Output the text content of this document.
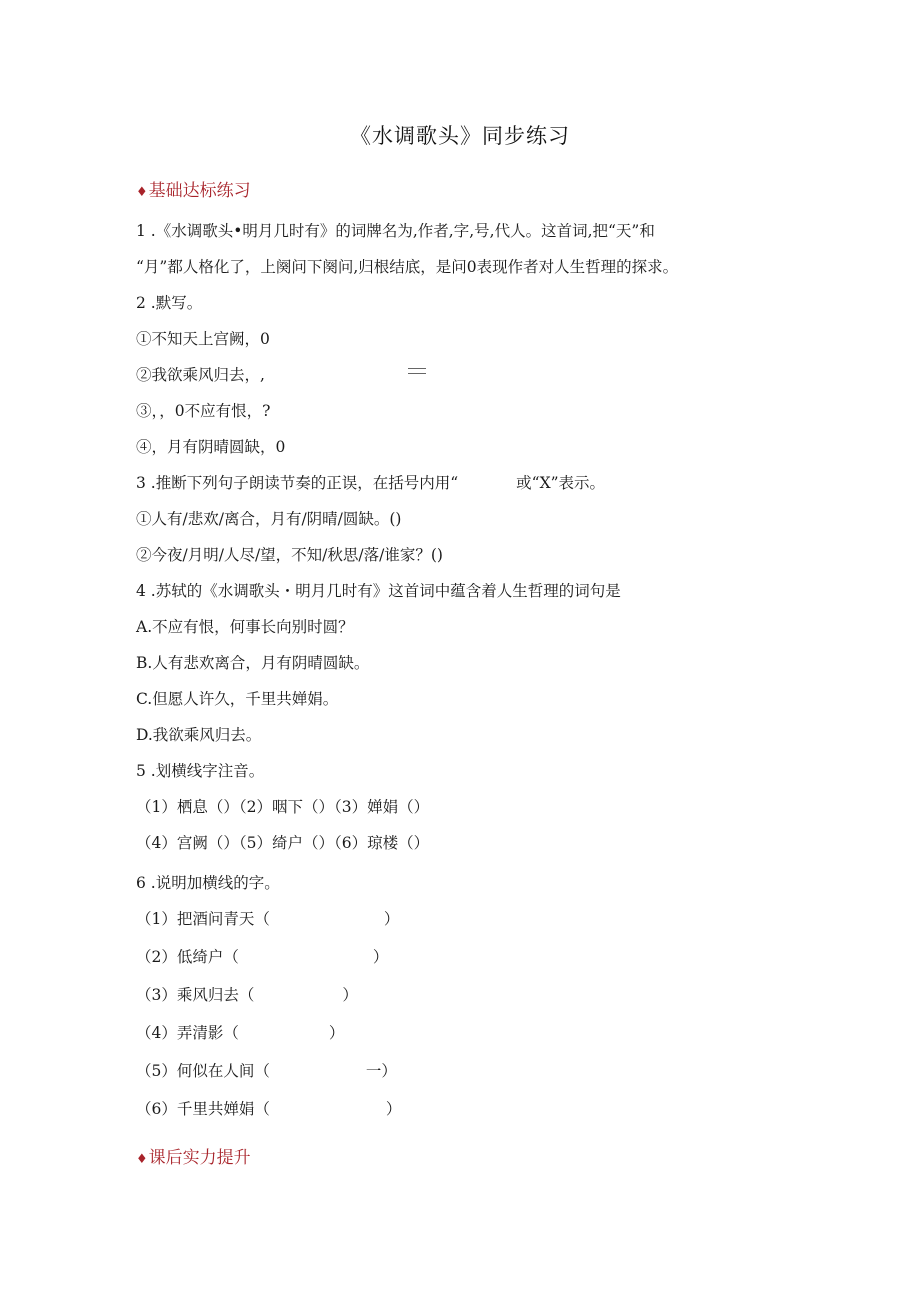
《水调歌头》同步练习
♦基础达标练习
1 .《水调歌头•明月几时有》的词牌名为,作者,字,号,代人。这首词,把“天”和
“月”都人格化了，上阕问下阕问,归根结底，是问0表现作者对人生哲理的探求。
2 .默写。
①不知天上宫阙，0
②我欲乘风归去，,
③，，0不应有恨，?
④，月有阴晴圆缺，0
3 .推断下列句子朗读节奏的正误，在括号内用“	或“X”表示。
①人有/悲欢/离合，月有/阴晴/圆缺。()
②今夜/月明/人尽/望，不知/秋思/落/谁家？()
4 .苏轼的《水调歌头・明月几时有》这首词中蕴含着人生哲理的词句是
A.不应有恨，何事长向别时圆？
B.人有悲欢离合，月有阴晴圆缺。
C.但愿人许久，千里共婵娟。
D.我欲乘风归去。
5 .划横线字注音。
（1）栖息（）（2）咽下（）（3）婵娟（）
（4）宫阙（）（5）绮户（）（6）琼楼（）
6 .说明加横线的字。
（1）把酒问青天（	）
（2）低绮户（	）
（3）乘风归去（	）
（4）弄清影（	）
（5）何似在人间（	一）
（6）千里共婵娟（	）
♦课后实力提升
